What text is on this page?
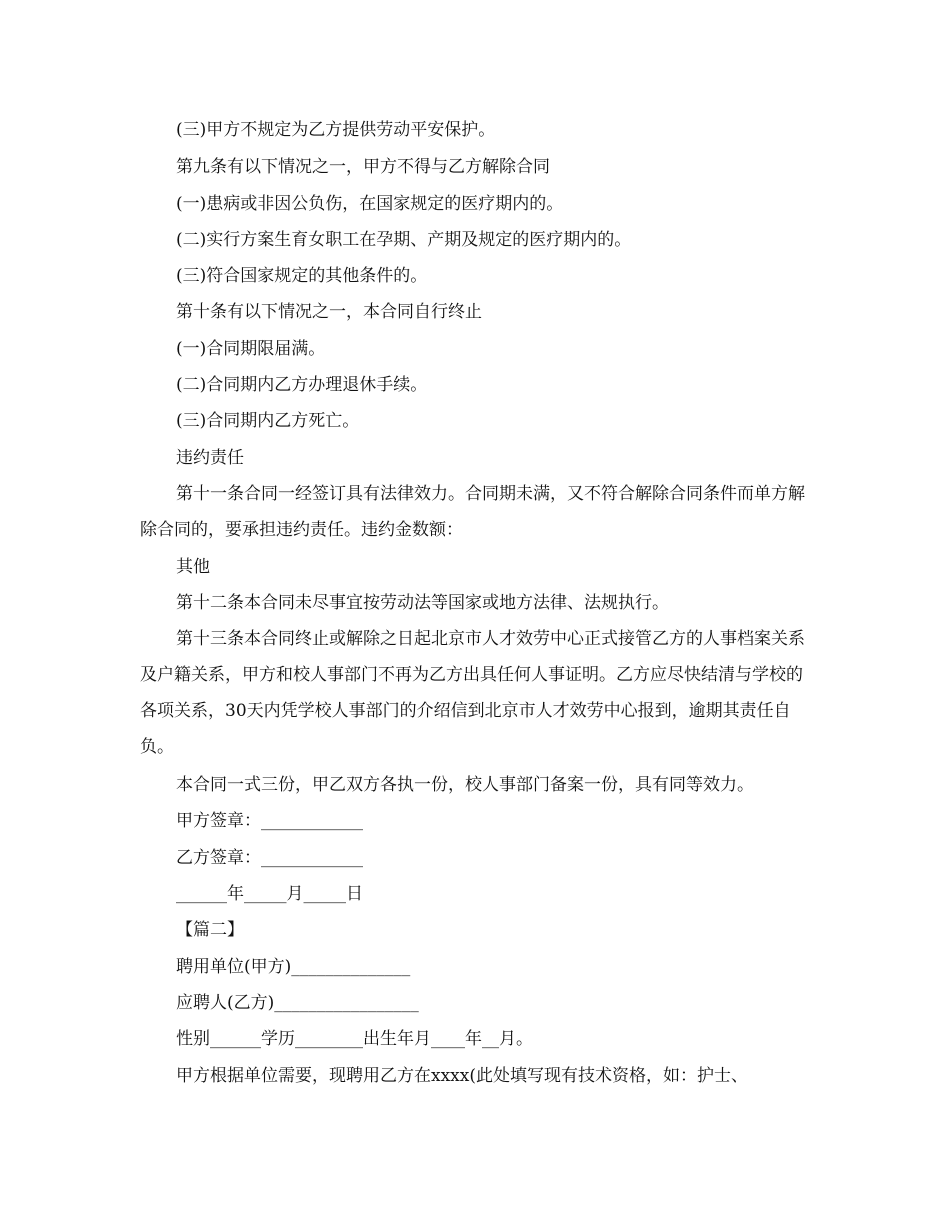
(三)甲方不规定为乙方提供劳动平安保护。
第九条有以下情况之一，甲方不得与乙方解除合同
(一)患病或非因公负伤，在国家规定的医疗期内的。
(二)实行方案生育女职工在孕期、产期及规定的医疗期内的。
(三)符合国家规定的其他条件的。
第十条有以下情况之一，本合同自行终止
(一)合同期限届满。
(二)合同期内乙方办理退休手续。
(三)合同期内乙方死亡。
违约责任
第十一条合同一经签订具有法律效力。合同期未满，又不符合解除合同条件而单方解除合同的，要承担违约责任。违约金数额：
其他
第十二条本合同未尽事宜按劳动法等国家或地方法律、法规执行。
第十三条本合同终止或解除之日起北京市人才效劳中心正式接管乙方的人事档案关系及户籍关系，甲方和校人事部门不再为乙方出具任何人事证明。乙方应尽快结清与学校的各项关系，30天内凭学校人事部门的介绍信到北京市人才效劳中心报到，逾期其责任自负。
本合同一式三份，甲乙双方各执一份，校人事部门备案一份，具有同等效力。
甲方签章：____________
乙方签章：____________
______年_____月_____日
【篇二】
聘用单位(甲方)______________
应聘人(乙方)_________________
性别______学历________出生年月____年__月。
甲方根据单位需要，现聘用乙方在xxxx(此处填写现有技术资格，如：护士、
